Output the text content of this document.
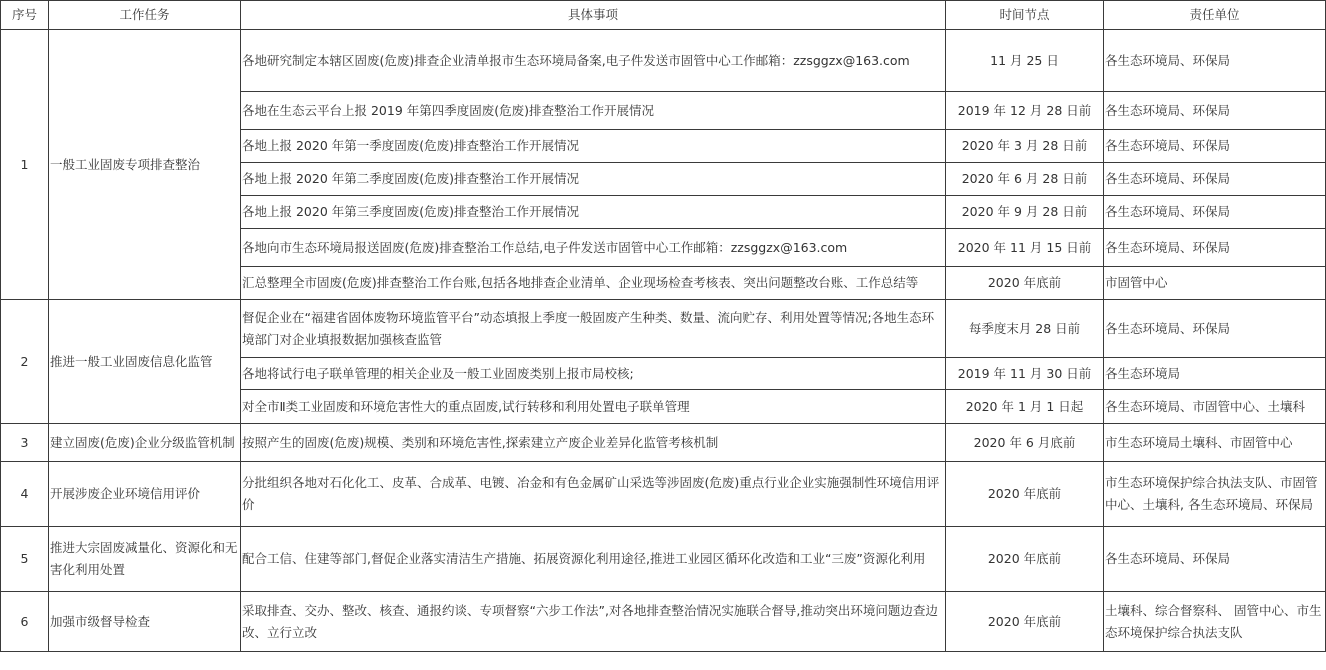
序号	工作任务	具体事项	时间节点	责任单位
1	一般工业固废专项排查整治	各地研究制定本辖区固废(危废)排查企业清单报市生态环境局备案,电子件发送市固管中心工作邮箱：zzsggzx@163.com	11 月 25 日	各生态环境局、环保局
		各地在生态云平台上报 2019 年第四季度固废(危废)排查整治工作开展情况	2019 年 12 月 28 日前	各生态环境局、环保局
		各地上报 2020 年第一季度固废(危废)排查整治工作开展情况	2020 年 3 月 28 日前	各生态环境局、环保局
		各地上报 2020 年第二季度固废(危废)排查整治工作开展情况	2020 年 6 月 28 日前	各生态环境局、环保局
		各地上报 2020 年第三季度固废(危废)排查整治工作开展情况	2020 年 9 月 28 日前	各生态环境局、环保局
		各地向市生态环境局报送固废(危废)排查整治工作总结,电子件发送市固管中心工作邮箱：zzsggzx@163.com	2020 年 11 月 15 日前	各生态环境局、环保局
		汇总整理全市固废(危废)排查整治工作台账,包括各地排查企业清单、企业现场检查考核表、突出问题整改台账、工作总结等	2020 年底前	市固管中心
2	推进一般工业固废信息化监管	督促企业在“福建省固体废物环境监管平台”动态填报上季度一般固废产生种类、数量、流向贮存、利用处置等情况;各地生态环境部门对企业填报数据加强核查监管	每季度末月 28 日前	各生态环境局、环保局
		各地将试行电子联单管理的相关企业及一般工业固废类别上报市局校核;	2019 年 11 月 30 日前	各生态环境局
		对全市Ⅱ类工业固废和环境危害性大的重点固废,试行转移和利用处置电子联单管理	2020 年 1 月 1 日起	各生态环境局、市固管中心、土壤科
3	建立固废(危废)企业分级监管机制	按照产生的固废(危废)规模、类别和环境危害性,探索建立产废企业差异化监管考核机制	2020 年 6 月底前	市生态环境局土壤科、市固管中心
4	开展涉废企业环境信用评价	分批组织各地对石化化工、皮革、合成革、电镀、冶金和有色金属矿山采选等涉固废(危废)重点行业企业实施强制性环境信用评价	2020 年底前	市生态环境保护综合执法支队、市固管中心、土壤科, 各生态环境局、环保局
5	推进大宗固废减量化、资源化和无害化利用处置	配合工信、住建等部门,督促企业落实清洁生产措施、拓展资源化利用途径,推进工业园区循环化改造和工业“三废”资源化利用	2020 年底前	各生态环境局、环保局
6	加强市级督导检查	采取排查、交办、整改、核查、通报约谈、专项督察“六步工作法”,对各地排查整治情况实施联合督导,推动突出环境问题边查边改、立行立改	2020 年底前	土壤科、综合督察科、 固管中心、市生态环境保护综合执法支队
